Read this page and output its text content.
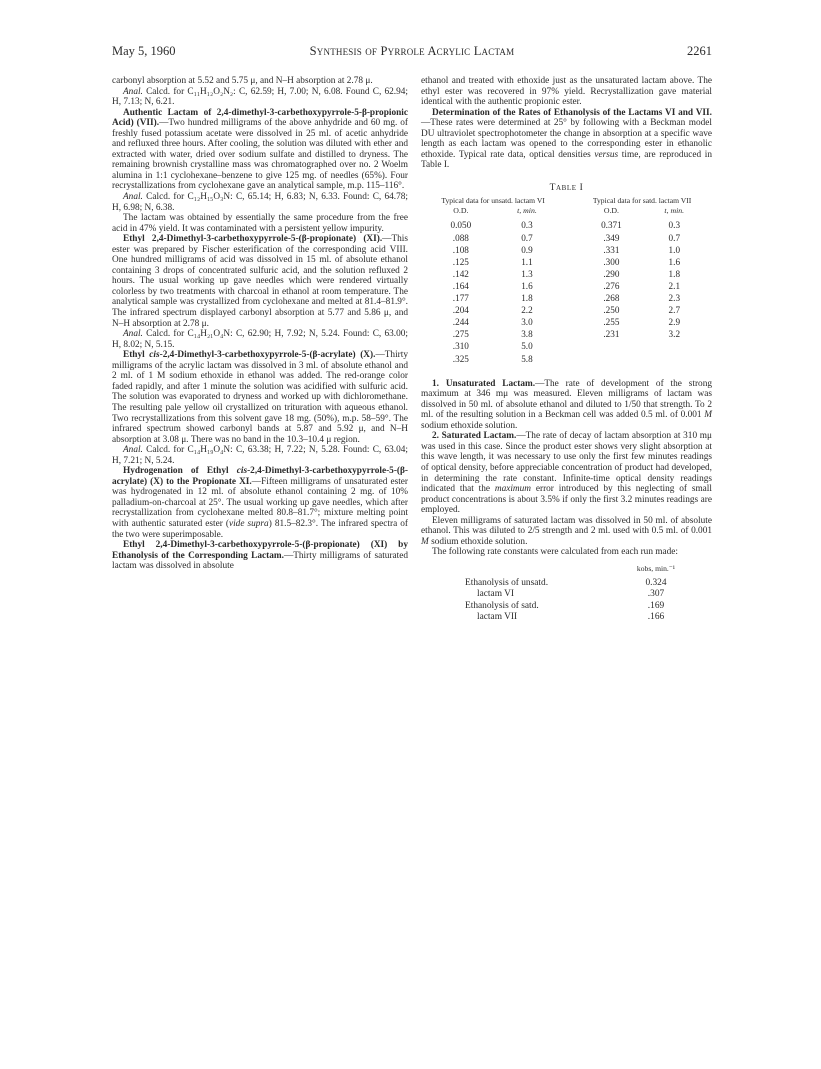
May 5, 1960	Synthesis of Pyrrole Acrylic Lactam	2261

carbonyl absorption at 5.52 and 5.75 μ, and N–H absorption at 2.78 μ.

Anal. Calcd. for C₁₁H₁₂O₂N₂: C, 62.59; H, 7.00; N, 6.08. Found C, 62.94; H, 7.13; N, 6.21.

Authentic Lactam of 2,4-dimethyl-3-carbethoxypyrrole-5-β-propionic Acid) (VII).—Two hundred milligrams of the above anhydride and 60 mg. of freshly fused potassium acetate were dissolved in 25 ml. of acetic anhydride and refluxed three hours. After cooling, the solution was diluted with ether and extracted with water, dried over sodium sulfate and distilled to dryness. The remaining brownish crystalline mass was chromatographed over no. 2 Woelm alumina in 1:1 cyclohexane–benzene to give 125 mg. of needles (65%). Four recrystallizations from cyclohexane gave an analytical sample, m.p. 115–116°.

Anal. Calcd. for C₁₂H₁₅O₃N: C, 65.14; H, 6.83; N, 6.33. Found: C, 64.78; H, 6.98; N, 6.38.

The lactam was obtained by essentially the same procedure from the free acid in 47% yield. It was contaminated with a persistent yellow impurity.

Ethyl 2,4-Dimethyl-3-carbethoxypyrrole-5-(β-propionate) (XI).—This ester was prepared by Fischer esterification of the corresponding acid VIII. One hundred milligrams of acid was dissolved in 15 ml. of absolute ethanol containing 3 drops of concentrated sulfuric acid, and the solution refluxed 2 hours. The usual working up gave needles which were rendered virtually colorless by two treatments with charcoal in ethanol at room temperature. The analytical sample was crystallized from cyclohexane and melted at 81.4–81.9°. The infrared spectrum displayed carbonyl absorption at 5.77 and 5.86 μ, and N–H absorption at 2.78 μ.

Anal. Calcd. for C₁₄H₂₁O₄N: C, 62.90; H, 7.92; N, 5.24. Found: C, 63.00; H, 8.02; N, 5.15.

Ethyl cis-2,4-Dimethyl-3-carbethoxypyrrole-5-(β-acrylate) (X).—Thirty milligrams of the acrylic lactam was dissolved in 3 ml. of absolute ethanol and 2 ml. of 1 M sodium ethoxide in ethanol was added. The red-orange color faded rapidly, and after 1 minute the solution was acidified with sulfuric acid. The solution was evaporated to dryness and worked up with dichloromethane. The resulting pale yellow oil crystallized on trituration with aqueous ethanol. Two recrystallizations from this solvent gave 18 mg. (50%), m.p. 58–59°. The infrared spectrum showed carbonyl bands at 5.87 and 5.92 μ, and N–H absorption at 3.08 μ. There was no band in the 10.3–10.4 μ region.

Anal. Calcd. for C₁₄H₁₉O₄N: C, 63.38; H, 7.22; N, 5.28. Found: C, 63.04; H, 7.21; N, 5.24.

Hydrogenation of Ethyl cis-2,4-Dimethyl-3-carbethoxypyrrole-5-(β-acrylate) (X) to the Propionate XI.—Fifteen milligrams of unsaturated ester was hydrogenated in 12 ml. of absolute ethanol containing 2 mg. of 10% palladium-on-charcoal at 25°. The usual working up gave needles, which after recrystallization from cyclohexane melted 80.8–81.7°; mixture melting point with authentic saturated ester (vide supra) 81.5–82.3°. The infrared spectra of the two were superimposable.

Ethyl 2,4-Dimethyl-3-carbethoxypyrrole-5-(β-propionate) (XI) by Ethanolysis of the Corresponding Lactam.—Thirty milligrams of saturated lactam was dissolved in absolute

ethanol and treated with ethoxide just as the unsaturated lactam above. The ethyl ester was recovered in 97% yield. Recrystallization gave material identical with the authentic propionic ester.

Determination of the Rates of Ethanolysis of the Lactams VI and VII.—These rates were determined at 25° by following with a Beckman model DU ultraviolet spectrophotometer the change in absorption at a specific wave length as each lactam was opened to the corresponding ester in ethanolic ethoxide. Typical rate data, optical densities versus time, are reproduced in Table I.

Table I
Typical data for unsatd. lactam VI			Typical data for satd. lactam VII	
O.D.	t, min.		O.D.	t, min.
0.050	0.3		0.371	0.3
.088	0.7		.349	0.7
.108	0.9		.331	1.0
.125	1.1		.300	1.6
.142	1.3		.290	1.8
.164	1.6		.276	2.1
.177	1.8		.268	2.3
.204	2.2		.250	2.7
.244	3.0		.255	2.9
.275	3.8		.231	3.2
.310	5.0			
.325	5.8			

1. Unsaturated Lactam.—The rate of development of the strong maximum at 346 mμ was measured. Eleven milligrams of lactam was dissolved in 50 ml. of absolute ethanol and diluted to 1/50 that strength. To 2 ml. of the resulting solution in a Beckman cell was added 0.5 ml. of 0.001 M sodium ethoxide solution.

2. Saturated Lactam.—The rate of decay of lactam absorption at 310 mμ was used in this case. Since the product ester shows very slight absorption at this wave length, it was necessary to use only the first few minutes readings of optical density, before appreciable concentration of product had developed, in determining the rate constant. Infinite-time optical density readings indicated that the maximum error introduced by this neglecting of small product concentrations is about 3.5% if only the first 3.2 minutes readings are employed.

Eleven milligrams of saturated lactam was dissolved in 50 ml. of absolute ethanol. This was diluted to 2/5 strength and 2 ml. used with 0.5 ml. of 0.001 M sodium ethoxide solution.

The following rate constants were calculated from each run made:

	kobs, min.⁻¹
Ethanolysis of unsatd.	0.324
lactam VI	.307
Ethanolysis of satd.	.169
lactam VII	.166
